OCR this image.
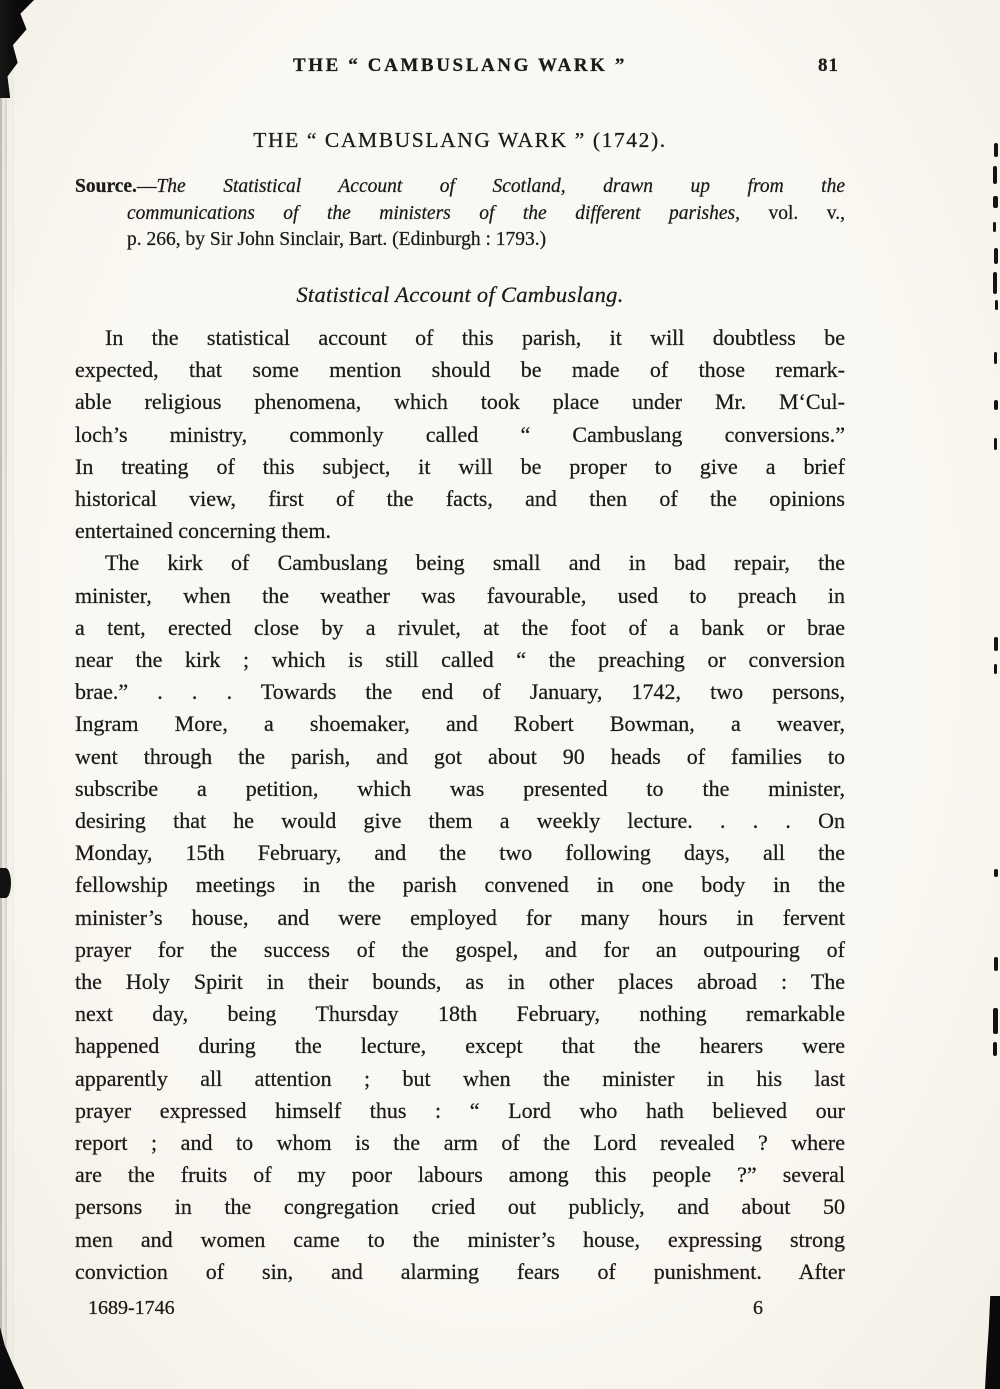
THE “ CAMBUSLANG WARK ”	81
THE “ CAMBUSLANG WARK ” (1742).
Source.—The Statistical Account of Scotland, drawn up from the
communications of the ministers of the different parishes, vol. v.,
p. 266, by Sir John Sinclair, Bart. (Edinburgh : 1793.)
Statistical Account of Cambuslang.
In the statistical account of this parish, it will doubtless be
expected, that some mention should be made of those remark-
able religious phenomena, which took place under Mr. M‘Cul-
loch’s ministry, commonly called “ Cambuslang conversions.”
In treating of this subject, it will be proper to give a brief
historical view, first of the facts, and then of the opinions
entertained concerning them.
The kirk of Cambuslang being small and in bad repair, the
minister, when the weather was favourable, used to preach in
a tent, erected close by a rivulet, at the foot of a bank or brae
near the kirk ; which is still called “ the preaching or conversion
brae.” . . . Towards the end of January, 1742, two persons,
Ingram More, a shoemaker, and Robert Bowman, a weaver,
went through the parish, and got about 90 heads of families to
subscribe a petition, which was presented to the minister,
desiring that he would give them a weekly lecture. . . . On
Monday, 15th February, and the two following days, all the
fellowship meetings in the parish convened in one body in the
minister’s house, and were employed for many hours in fervent
prayer for the success of the gospel, and for an outpouring of
the Holy Spirit in their bounds, as in other places abroad : The
next day, being Thursday 18th February, nothing remarkable
happened during the lecture, except that the hearers were
apparently all attention ; but when the minister in his last
prayer expressed himself thus : “ Lord who hath believed our
report ; and to whom is the arm of the Lord revealed ? where
are the fruits of my poor labours among this people ?” several
persons in the congregation cried out publicly, and about 50
men and women came to the minister’s house, expressing strong
conviction of sin, and alarming fears of punishment. After
1689-1746	6
